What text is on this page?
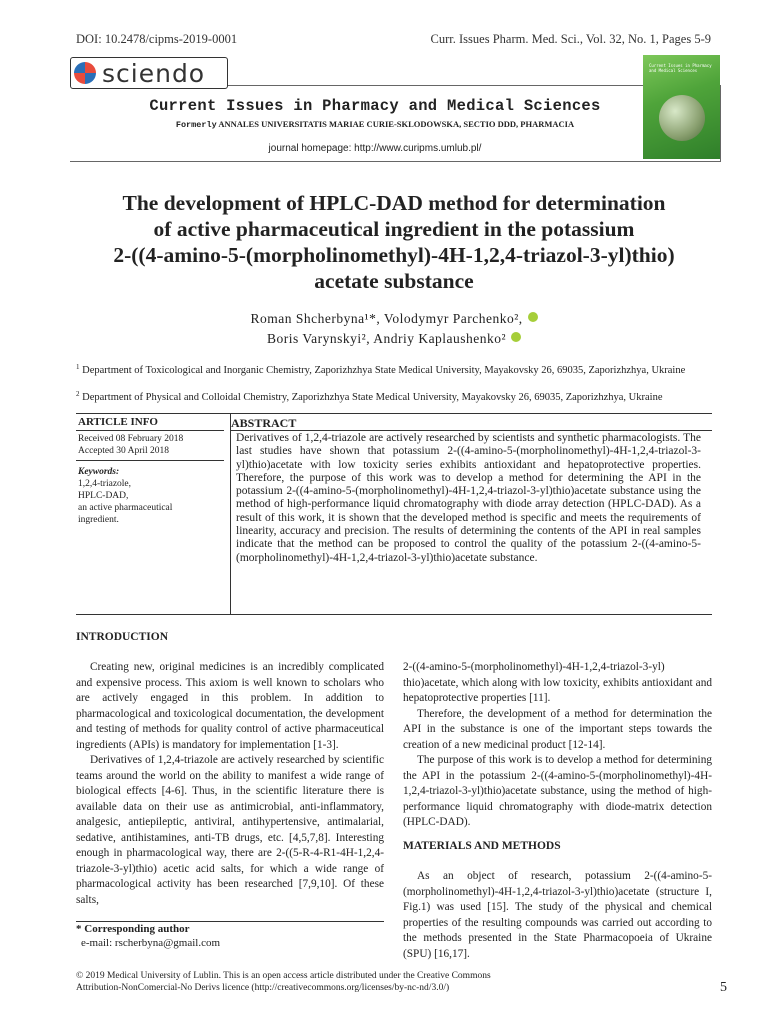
DOI: 10.2478/cipms-2019-0001	Curr. Issues Pharm. Med. Sci., Vol. 32, No. 1, Pages 5-9
sciendo
Current Issues in Pharmacy and Medical Sciences
Formerly ANNALES UNIVERSITATIS MARIAE CURIE-SKLODOWSKA, SECTIO DDD, PHARMACIA
journal homepage: http://www.curipms.umlub.pl/
Current Issues in Pharmacy and Medical Sciences
The development of HPLC-DAD method for determination
of active pharmaceutical ingredient in the potassium
2-((4-amino-5-(morpholinomethyl)-4H-1,2,4-triazol-3-yl)thio)
acetate substance
Roman Shcherbyna¹*, Volodymyr Parchenko²,
Boris Varynskyi², Andriy Kaplaushenko²
$^1$ Department of Toxicological and Inorganic Chemistry, Zaporizhzhya State Medical University, Mayakovsky 26, 69035, Zaporizhzhya, Ukraine
$^2$ Department of Physical and Colloidal Chemistry, Zaporizhzhya State Medical University, Mayakovsky 26, 69035, Zaporizhzhya, Ukraine
ARTICLE INFO
Received 08 February 2018
Accepted 30 April 2018
Keywords:
1,2,4-triazole,
HPLC-DAD,
an active pharmaceutical
ingredient.
ABSTRACT
Derivatives of 1,2,4-triazole are actively researched by scientists and synthetic pharmacologists. The last studies have shown that potassium 2-((4-amino-5-(morpholinomethyl)-4H-1,2,4-triazol-3-yl)thio)acetate with low toxicity series exhibits antioxidant and hepatoprotective properties. Therefore, the purpose of this work was to develop a method for determining the API in the potassium 2-((4-amino-5-(morpholinomethyl)-4H-1,2,4-triazol-3-yl)thio)acetate substance using the method of high-performance liquid chromatography with diode array detection (HPLC-DAD). As a result of this work, it is shown that the developed method is specific and meets the requirements of linearity, accuracy and precision. The results of determining the contents of the API in real samples indicate that the method can be proposed to control the quality of the potassium 2-((4-amino-5-(morpholinomethyl)-4H-1,2,4-triazol-3-yl)thio)acetate substance.
INTRODUCTION

Creating new, original medicines is an incredibly complicated and expensive process. This axiom is well known to scholars who are actively engaged in this problem. In addition to pharmacological and toxicological documentation, the development and testing of methods for quality control of active pharmaceutical ingredients (APIs) is mandatory for implementation [1-3].

Derivatives of 1,2,4-triazole are actively researched by scientific teams around the world on the ability to manifest a wide range of biological effects [4-6]. Thus, in the scientific literature there is available data on their use as antimicrobial, anti-inflammatory, analgesic, antiepileptic, antiviral, antihypertensive, antimalarial, sedative, antihistamines, anti-TB drugs, etc. [4,5,7,8]. Interesting enough in pharmacological way, there are 2-((5-R-4-R1-4H-1,2,4-triazole-3-yl)thio) acetic acid salts, for which a wide range of pharmacological activity has been researched [7,9,10]. Of these salts,

2-((4-amino-5-(morpholinomethyl)-4H-1,2,4-triazol-3-yl) thio)acetate, which along with low toxicity, exhibits antioxidant and hepatoprotective properties [11].

Therefore, the development of a method for determination the API in the substance is one of the important steps towards the creation of a new medicinal product [12-14].

The purpose of this work is to develop a method for determining the API in the potassium 2-((4-amino-5-(morpholinomethyl)-4H-1,2,4-triazol-3-yl)thio)acetate substance, using the method of high-performance liquid chromatography with diode-matrix detection (HPLC-DAD).

MATERIALS AND METHODS

As an object of research, potassium 2-((4-amino-5-(morpholinomethyl)-4H-1,2,4-triazol-3-yl)thio)acetate (structure I, Fig.1) was used [15]. The study of the physical and chemical properties of the resulting compounds was carried out according to the methods presented in the State Pharmacopoeia of Ukraine (SPU) [16,17].

* Corresponding author
e-mail: rscherbyna@gmail.com
© 2019 Medical University of Lublin. This is an open access article distributed under the Creative Commons
Attribution-NonComercial-No Derivs licence (http://creativecommons.org/licenses/by-nc-nd/3.0/)	5
